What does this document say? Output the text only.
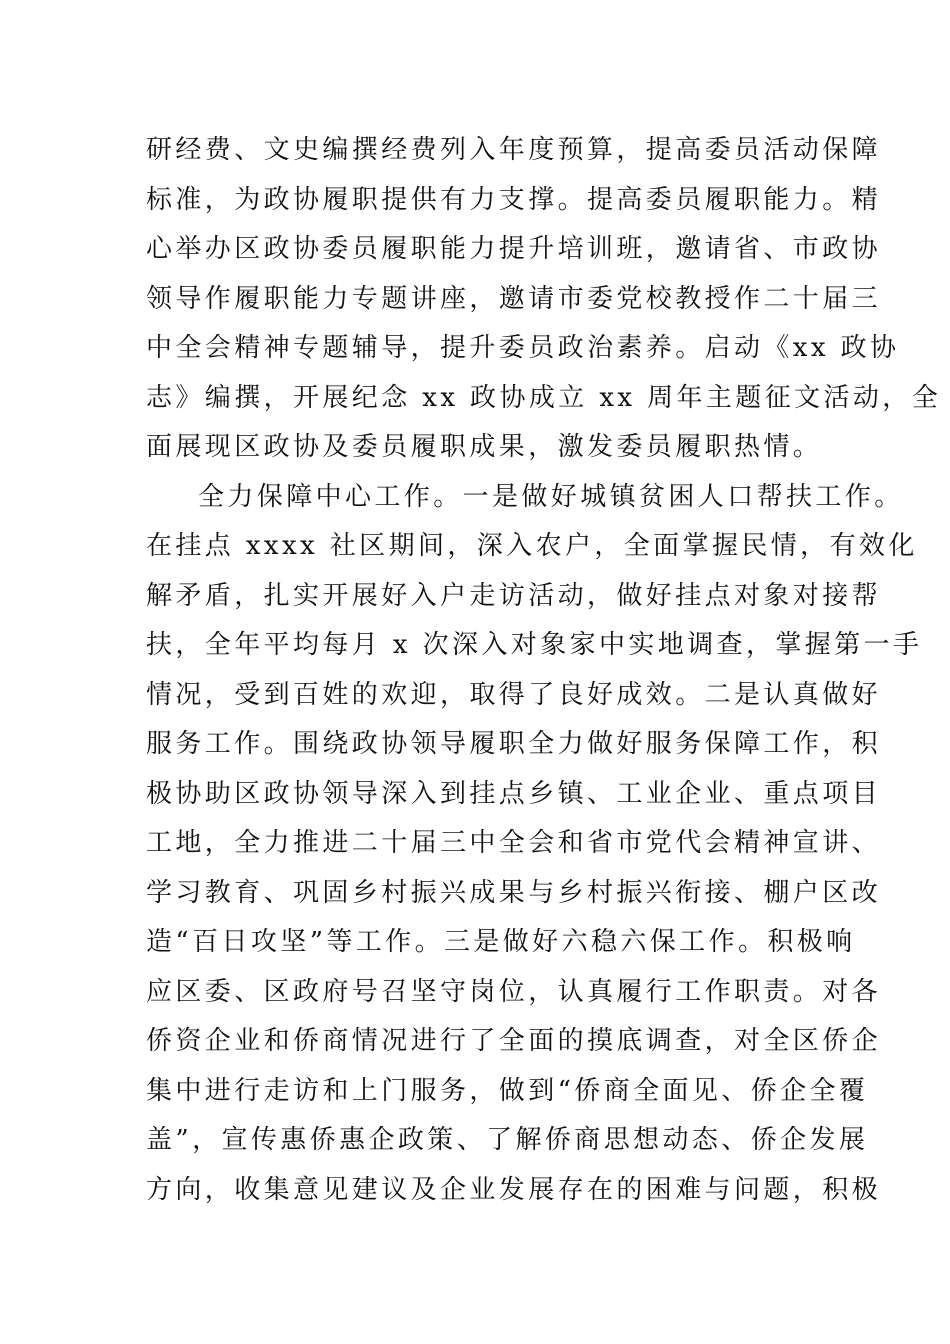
研经费、文史编撰经费列入年度预算，提高委员活动保障
标准，为政协履职提供有力支撑。提高委员履职能力。精
心举办区政协委员履职能力提升培训班，邀请省、市政协
领导作履职能力专题讲座，邀请市委党校教授作二十届三
中全会精神专题辅导，提升委员政治素养。启动《xx 政协
志》编撰，开展纪念 xx 政协成立 xx 周年主题征文活动，全
面展现区政协及委员履职成果，激发委员履职热情。
全力保障中心工作。一是做好城镇贫困人口帮扶工作。
在挂点 xxxx 社区期间，深入农户，全面掌握民情，有效化
解矛盾，扎实开展好入户走访活动，做好挂点对象对接帮
扶，全年平均每月 x 次深入对象家中实地调查，掌握第一手
情况，受到百姓的欢迎，取得了良好成效。二是认真做好
服务工作。围绕政协领导履职全力做好服务保障工作，积
极协助区政协领导深入到挂点乡镇、工业企业、重点项目
工地，全力推进二十届三中全会和省市党代会精神宣讲、
学习教育、巩固乡村振兴成果与乡村振兴衔接、棚户区改
造“百日攻坚”等工作。三是做好六稳六保工作。积极响
应区委、区政府号召坚守岗位，认真履行工作职责。对各
侨资企业和侨商情况进行了全面的摸底调查，对全区侨企
集中进行走访和上门服务，做到“侨商全面见、侨企全覆
盖”，宣传惠侨惠企政策、了解侨商思想动态、侨企发展
方向，收集意见建议及企业发展存在的困难与问题，积极
